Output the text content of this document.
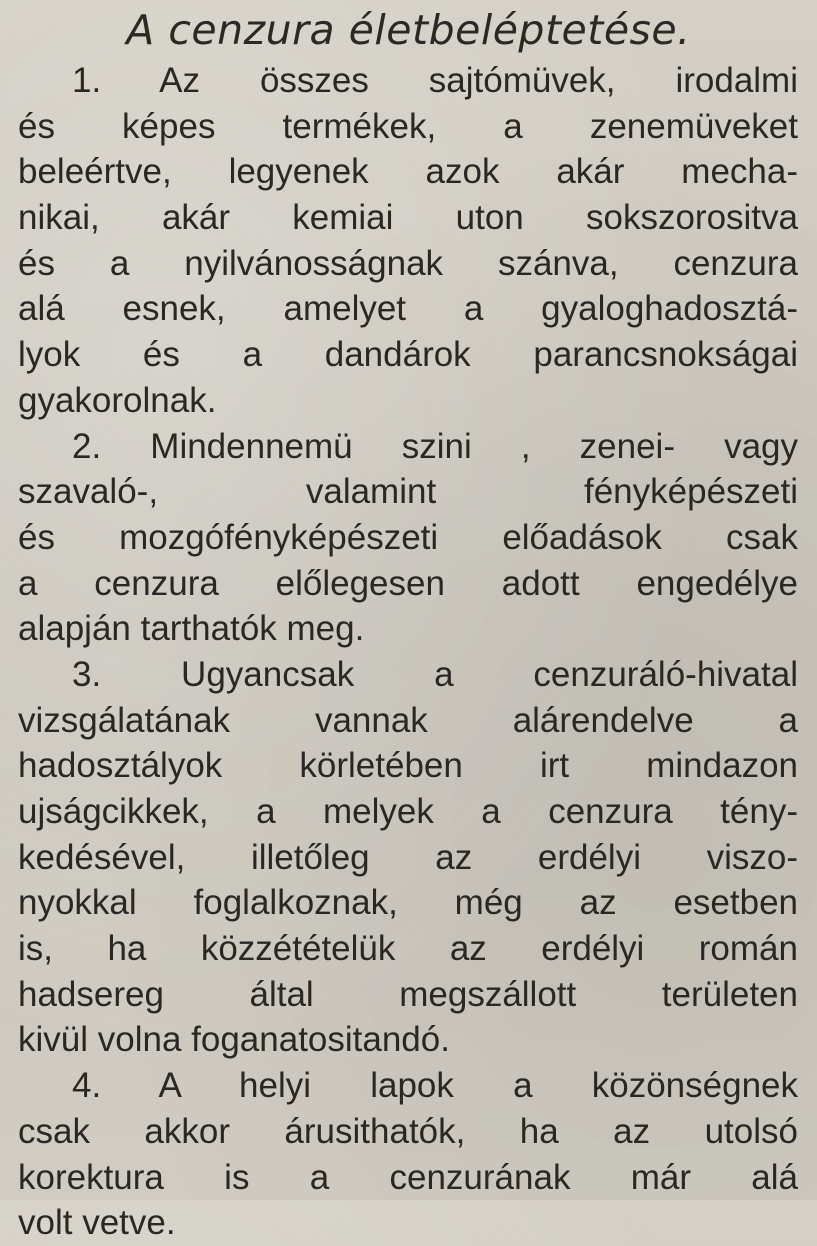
A cenzura életbeléptetése.
1. Az összes sajtómüvek, irodalmi
és képes termékek, a zenemüveket
beleértve, legyenek azok akár mecha-
nikai, akár kemiai uton sokszorositva
és a nyilvánosságnak szánva, cenzura
alá esnek, amelyet a gyaloghadosztá-
lyok és a dandárok parancsnokságai
gyakorolnak.
2. Mindennemü szini , zenei- vagy
szavaló-, valamint fényképészeti
és mozgófényképészeti előadások csak
a cenzura előlegesen adott engedélye
alapján tarthatók meg.
3. Ugyancsak a cenzuráló-hivatal
vizsgálatának vannak alárendelve a
hadosztályok körletében irt mindazon
ujságcikkek, a melyek a cenzura tény-
kedésével, illetőleg az erdélyi viszo-
nyokkal foglalkoznak, még az esetben
is, ha közzétételük az erdélyi román
hadsereg által megszállott területen
kivül volna foganatositandó.
4. A helyi lapok a közönségnek
csak akkor árusithatók, ha az utolsó
korektura is a cenzurának már alá
volt vetve.
